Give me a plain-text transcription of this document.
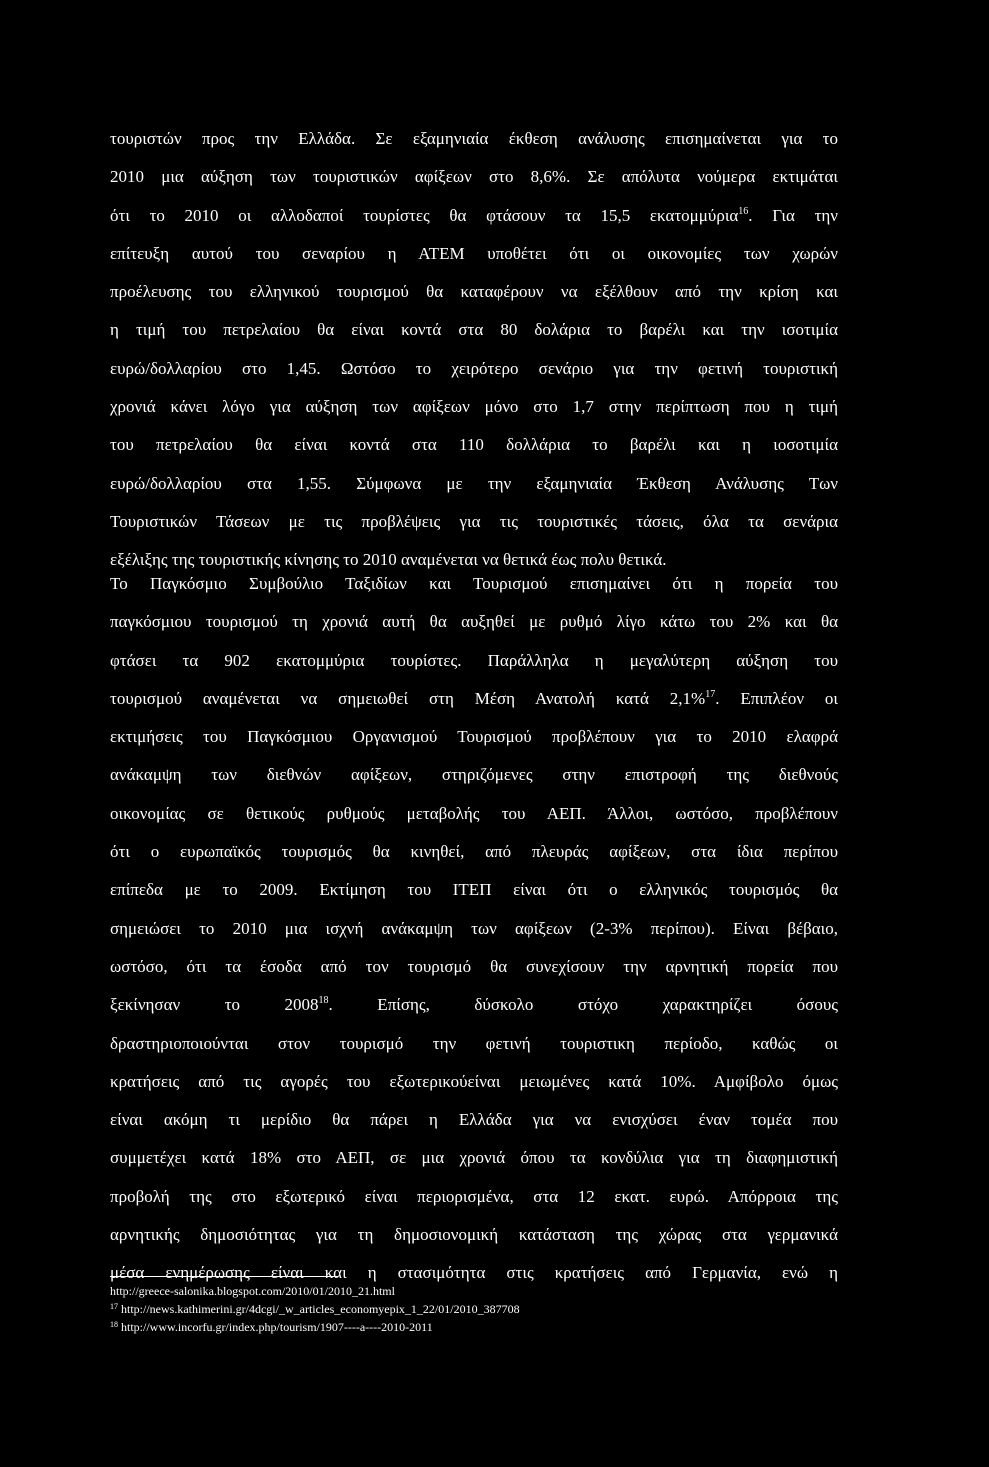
τουριστών προς την Ελλάδα. Σε εξαμηνιαία έκθεση ανάλυσης επισημαίνεται για το
2010 μια αύξηση των τουριστικών αφίξεων στο 8,6%. Σε απόλυτα νούμερα εκτιμάται
ότι το 2010 οι αλλοδαποί τουρίστες θα φτάσουν τα 15,5 εκατομμύρια$^{16}$. Για την
επίτευξη αυτού του σεναρίου η ΑΤΕΜ υποθέτει ότι οι οικονομίες των χωρών
προέλευσης του ελληνικού τουρισμού θα καταφέρουν να εξέλθουν από την κρίση και
η τιμή του πετρελαίου θα είναι κοντά στα 80 δολάρια το βαρέλι και την ισοτιμία
ευρώ/δολλαρίου στο 1,45. Ωστόσο το χειρότερο σενάριο για την φετινή τουριστική
χρονιά κάνει λόγο για αύξηση των αφίξεων μόνο στο 1,7 στην περίπτωση που η τιμή
του πετρελαίου θα είναι κοντά στα 110 δολλάρια το βαρέλι και η ιοσοτιμία
ευρώ/δολλαρίου στα 1,55. Σύμφωνα με την εξαμηνιαία Έκθεση Ανάλυσης Των
Τουριστικών Τάσεων με τις προβλέψεις για τις τουριστικές τάσεις, όλα τα σενάρια
εξέλιξης της τουριστικής κίνησης το 2010 αναμένεται να θετικά έως πολυ θετικά.
Το Παγκόσμιο Συμβούλιο Ταξιδίων και Τουρισμού επισημαίνει ότι η πορεία του
παγκόσμιου τουρισμού τη χρονιά αυτή θα αυξηθεί με ρυθμό λίγο κάτω του 2% και θα
φτάσει τα 902 εκατομμύρια τουρίστες. Παράλληλα η μεγαλύτερη αύξηση του
τουρισμού αναμένεται να σημειωθεί στη Μέση Ανατολή κατά 2,1%$^{17}$. Επιπλέον οι
εκτιμήσεις του Παγκόσμιου Οργανισμού Τουρισμού προβλέπουν για το 2010 ελαφρά
ανάκαμψη των διεθνών αφίξεων, στηριζόμενες στην επιστροφή της διεθνούς
οικονομίας σε θετικούς ρυθμούς μεταβολής του ΑΕΠ. Άλλοι, ωστόσο, προβλέπουν
ότι ο ευρωπαϊκός τουρισμός θα κινηθεί, από πλευράς αφίξεων, στα ίδια περίπου
επίπεδα με το 2009. Εκτίμηση του ΙΤΕΠ είναι ότι ο ελληνικός τουρισμός θα
σημειώσει το 2010 μια ισχνή ανάκαμψη των αφίξεων (2-3% περίπου). Είναι βέβαιο,
ωστόσο, ότι τα έσοδα από τον τουρισμό θα συνεχίσουν την αρνητική πορεία που
ξεκίνησαν το 2008$^{18}$. Επίσης, δύσκολο στόχο χαρακτηρίζει όσους
δραστηριοποιούνται στον τουρισμό την φετινή τουριστικη περίοδο, καθώς οι
κρατήσεις από τις αγορές του εξωτερικούείναι μειωμένες κατά 10%. Αμφίβολο όμως
είναι ακόμη τι μερίδιο θα πάρει η Ελλάδα για να ενισχύσει έναν τομέα που
συμμετέχει κατά 18% στο ΑΕΠ, σε μια χρονιά όπου τα κονδύλια για τη διαφημιστική
προβολή της στο εξωτερικό είναι περιορισμένα, στα 12 εκατ. ευρώ. Απόρροια της
αρνητικής δημοσιότητας για τη δημοσιονομική κατάσταση της χώρας στα γερμανικά
μέσα ενημέρωσης είναι και η στασιμότητα στις κρατήσεις από Γερμανία, ενώ η
http://greece-salonika.blogspot.com/2010/01/2010_21.html
$^{17}$ http://news.kathimerini.gr/4dcgi/_w_articles_economyepix_1_22/01/2010_387708
$^{18}$ http://www.incorfu.gr/index.php/tourism/1907----a----2010-2011
